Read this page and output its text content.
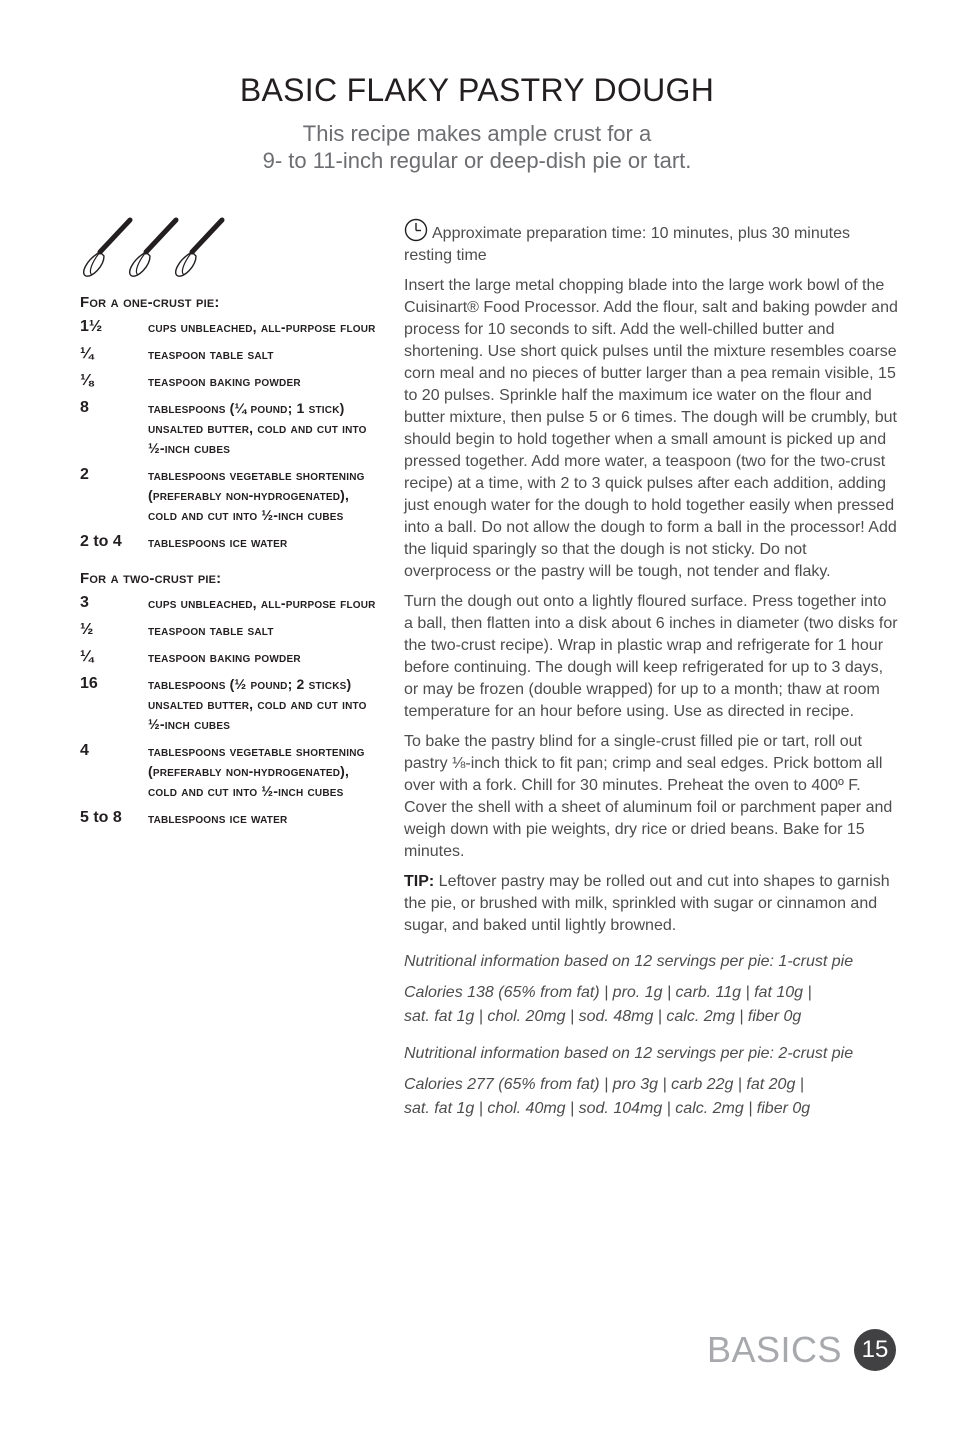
BASIC FLAKY PASTRY DOUGH
This recipe makes ample crust for a
9- to 11-inch regular or deep-dish pie or tart.
For a one-crust pie:
1½	cups unbleached, all-purpose flour
¼	teaspoon table salt
⅛	teaspoon baking powder
8	tablespoons (¼ pound; 1 stick) unsalted butter, cold and cut into ½-inch cubes
2	tablespoons vegetable shortening (preferably non-hydrogenated), cold and cut into ½-inch cubes
2 to 4	tablespoons ice water
For a two-crust pie:
3	cups unbleached, all-purpose flour
½	teaspoon table salt
¼	teaspoon baking powder
16	tablespoons (½ pound; 2 sticks) unsalted butter, cold and cut into ½-inch cubes
4	tablespoons vegetable shortening (preferably non-hydrogenated), cold and cut into ½-inch cubes
5 to 8	tablespoons ice water

Approximate preparation time: 10 minutes, plus 30 minutes resting time

Insert the large metal chopping blade into the large work bowl of the Cuisinart® Food Processor. Add the flour, salt and baking powder and process for 10 seconds to sift. Add the well-chilled butter and shortening. Use short quick pulses until the mixture resembles coarse corn meal and no pieces of butter larger than a pea remain visible, 15 to 20 pulses. Sprinkle half the maximum ice water on the flour and butter mixture, then pulse 5 or 6 times. The dough will be crumbly, but should begin to hold together when a small amount is picked up and pressed together. Add more water, a teaspoon (two for the two-crust recipe) at a time, with 2 to 3 quick pulses after each addition, adding just enough water for the dough to hold together easily when pressed into a ball. Do not allow the dough to form a ball in the processor! Add the liquid sparingly so that the dough is not sticky. Do not overprocess or the pastry will be tough, not tender and flaky.

Turn the dough out onto a lightly floured surface. Press together into a ball, then flatten into a disk about 6 inches in diameter (two disks for the two-crust recipe). Wrap in plastic wrap and refrigerate for 1 hour before continuing. The dough will keep refrigerated for up to 3 days, or may be frozen (double wrapped) for up to a month; thaw at room temperature for an hour before using. Use as directed in recipe.

To bake the pastry blind for a single-crust filled pie or tart, roll out pastry ⅛-inch thick to fit pan; crimp and seal edges. Prick bottom all over with a fork. Chill for 30 minutes. Preheat the oven to 400º F. Cover the shell with a sheet of aluminum foil or parchment paper and weigh down with pie weights, dry rice or dried beans. Bake for 15 minutes.

TIP: Leftover pastry may be rolled out and cut into shapes to garnish the pie, or brushed with milk, sprinkled with sugar or cinnamon and sugar, and baked until lightly browned.

Nutritional information based on 12 servings per pie: 1-crust pie

Calories 138 (65% from fat) | pro. 1g | carb. 11g | fat 10g |
sat. fat 1g | chol. 20mg | sod. 48mg | calc. 2mg | fiber 0g

Nutritional information based on 12 servings per pie: 2-crust pie

Calories 277 (65% from fat) | pro 3g | carb 22g | fat 20g |
sat. fat 1g | chol. 40mg | sod. 104mg | calc. 2mg | fiber 0g
BASICS 15
